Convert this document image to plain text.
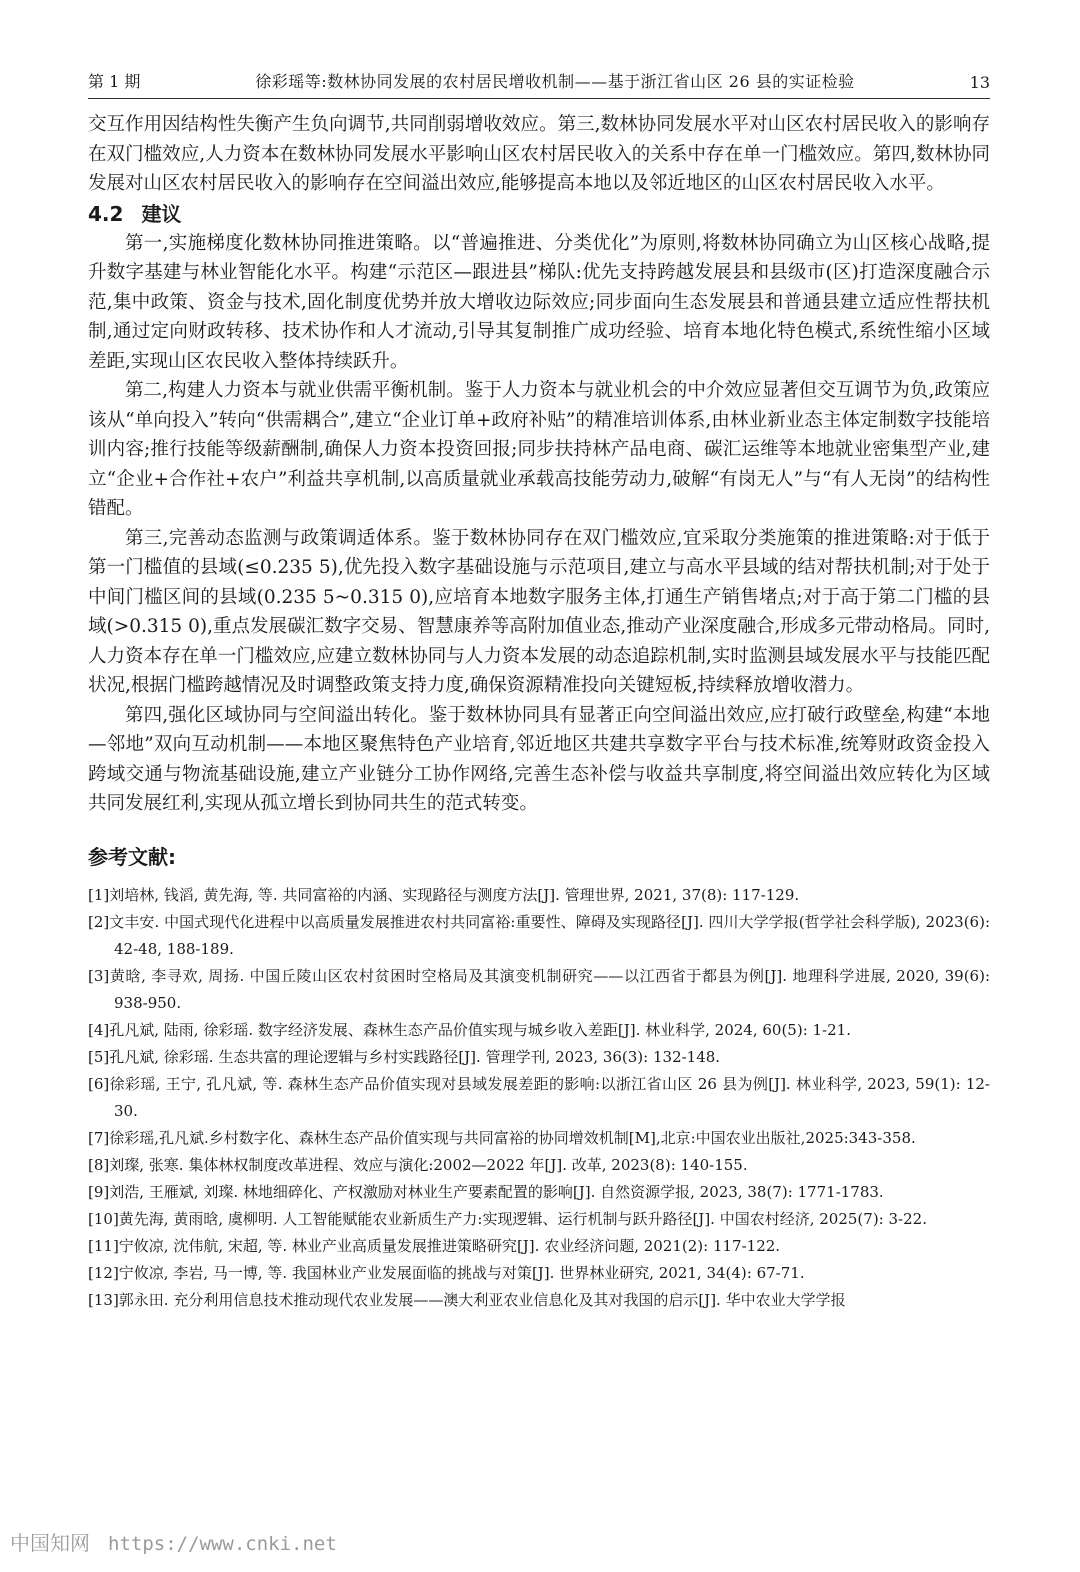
第 1 期	徐彩瑶等:数林协同发展的农村居民增收机制——基于浙江省山区 26 县的实证检验	13

交互作用因结构性失衡产生负向调节,共同削弱增收效应。第三,数林协同发展水平对山区农村居民收入的影响存在双门槛效应,人力资本在数林协同发展水平影响山区农村居民收入的关系中存在单一门槛效应。第四,数林协同发展对山区农村居民收入的影响存在空间溢出效应,能够提高本地以及邻近地区的山区农村居民收入水平。

4.2 建议

第一,实施梯度化数林协同推进策略。以“普遍推进、分类优化”为原则,将数林协同确立为山区核心战略,提升数字基建与林业智能化水平。构建“示范区—跟进县”梯队:优先支持跨越发展县和县级市(区)打造深度融合示范,集中政策、资金与技术,固化制度优势并放大增收边际效应;同步面向生态发展县和普通县建立适应性帮扶机制,通过定向财政转移、技术协作和人才流动,引导其复制推广成功经验、培育本地化特色模式,系统性缩小区域差距,实现山区农民收入整体持续跃升。

第二,构建人力资本与就业供需平衡机制。鉴于人力资本与就业机会的中介效应显著但交互调节为负,政策应该从“单向投入”转向“供需耦合”,建立“企业订单+政府补贴”的精准培训体系,由林业新业态主体定制数字技能培训内容;推行技能等级薪酬制,确保人力资本投资回报;同步扶持林产品电商、碳汇运维等本地就业密集型产业,建立“企业+合作社+农户”利益共享机制,以高质量就业承载高技能劳动力,破解“有岗无人”与“有人无岗”的结构性错配。

第三,完善动态监测与政策调适体系。鉴于数林协同存在双门槛效应,宜采取分类施策的推进策略:对于低于第一门槛值的县域(≤0.235 5),优先投入数字基础设施与示范项目,建立与高水平县域的结对帮扶机制;对于处于中间门槛区间的县域(0.235 5~0.315 0),应培育本地数字服务主体,打通生产销售堵点;对于高于第二门槛的县域(>0.315 0),重点发展碳汇数字交易、智慧康养等高附加值业态,推动产业深度融合,形成多元带动格局。同时,人力资本存在单一门槛效应,应建立数林协同与人力资本发展的动态追踪机制,实时监测县域发展水平与技能匹配状况,根据门槛跨越情况及时调整政策支持力度,确保资源精准投向关键短板,持续释放增收潜力。

第四,强化区域协同与空间溢出转化。鉴于数林协同具有显著正向空间溢出效应,应打破行政壁垒,构建“本地—邻地”双向互动机制——本地区聚焦特色产业培育,邻近地区共建共享数字平台与技术标准,统筹财政资金投入跨域交通与物流基础设施,建立产业链分工协作网络,完善生态补偿与收益共享制度,将空间溢出效应转化为区域共同发展红利,实现从孤立增长到协同共生的范式转变。

参考文献:
[1]刘培林, 钱滔, 黄先海, 等. 共同富裕的内涵、实现路径与测度方法[J]. 管理世界, 2021, 37(8): 117-129.
[2]文丰安. 中国式现代化进程中以高质量发展推进农村共同富裕:重要性、障碍及实现路径[J]. 四川大学学报(哲学社会科学版), 2023(6): 42-48, 188-189.
[3]黄晗, 李寻欢, 周扬. 中国丘陵山区农村贫困时空格局及其演变机制研究——以江西省于都县为例[J]. 地理科学进展, 2020, 39(6): 938-950.
[4]孔凡斌, 陆雨, 徐彩瑶. 数字经济发展、森林生态产品价值实现与城乡收入差距[J]. 林业科学, 2024, 60(5): 1-21.
[5]孔凡斌, 徐彩瑶. 生态共富的理论逻辑与乡村实践路径[J]. 管理学刊, 2023, 36(3): 132-148.
[6]徐彩瑶, 王宁, 孔凡斌, 等. 森林生态产品价值实现对县域发展差距的影响:以浙江省山区 26 县为例[J]. 林业科学, 2023, 59(1): 12-30.
[7]徐彩瑶,孔凡斌.乡村数字化、森林生态产品价值实现与共同富裕的协同增效机制[M],北京:中国农业出版社,2025:343-358.
[8]刘璨, 张寒. 集体林权制度改革进程、效应与演化:2002—2022 年[J]. 改革, 2023(8): 140-155.
[9]刘浩, 王雁斌, 刘璨. 林地细碎化、产权激励对林业生产要素配置的影响[J]. 自然资源学报, 2023, 38(7): 1771-1783.
[10]黄先海, 黄雨晗, 虞柳明. 人工智能赋能农业新质生产力:实现逻辑、运行机制与跃升路径[J]. 中国农村经济, 2025(7): 3-22.
[11]宁攸凉, 沈伟航, 宋超, 等. 林业产业高质量发展推进策略研究[J]. 农业经济问题, 2021(2): 117-122.
[12]宁攸凉, 李岩, 马一博, 等. 我国林业产业发展面临的挑战与对策[J]. 世界林业研究, 2021, 34(4): 67-71.
[13]郭永田. 充分利用信息技术推动现代农业发展——澳大利亚农业信息化及其对我国的启示[J]. 华中农业大学学报
中国知网 https://www.cnki.net
